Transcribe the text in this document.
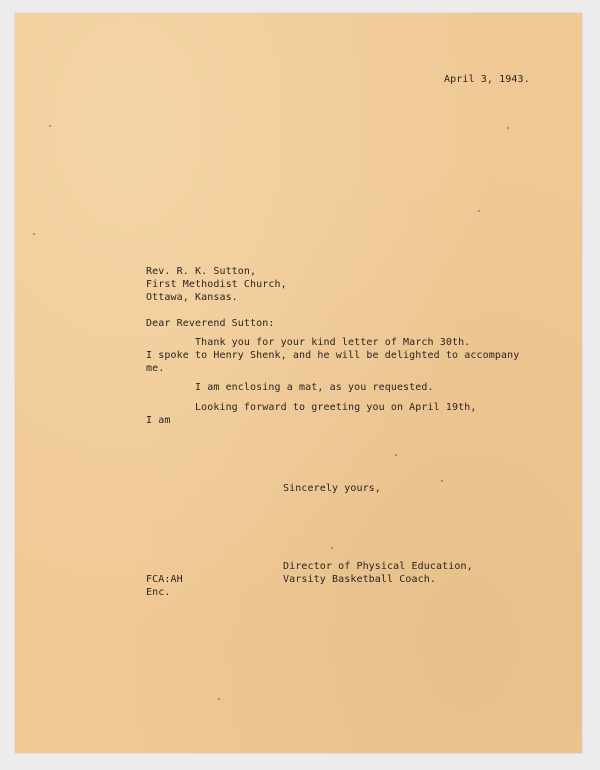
April 3, 1943.
Rev. R. K. Sutton,
First Methodist Church,
Ottawa, Kansas.
Dear Reverend Sutton:
Thank you for your kind letter of March 30th.
I spoke to Henry Shenk, and he will be delighted to accompany
me.
I am enclosing a mat, as you requested.
Looking forward to greeting you on April 19th,
I am
Sincerely yours,
Director of Physical Education,
Varsity Basketball Coach.
FCA:AH
Enc.
